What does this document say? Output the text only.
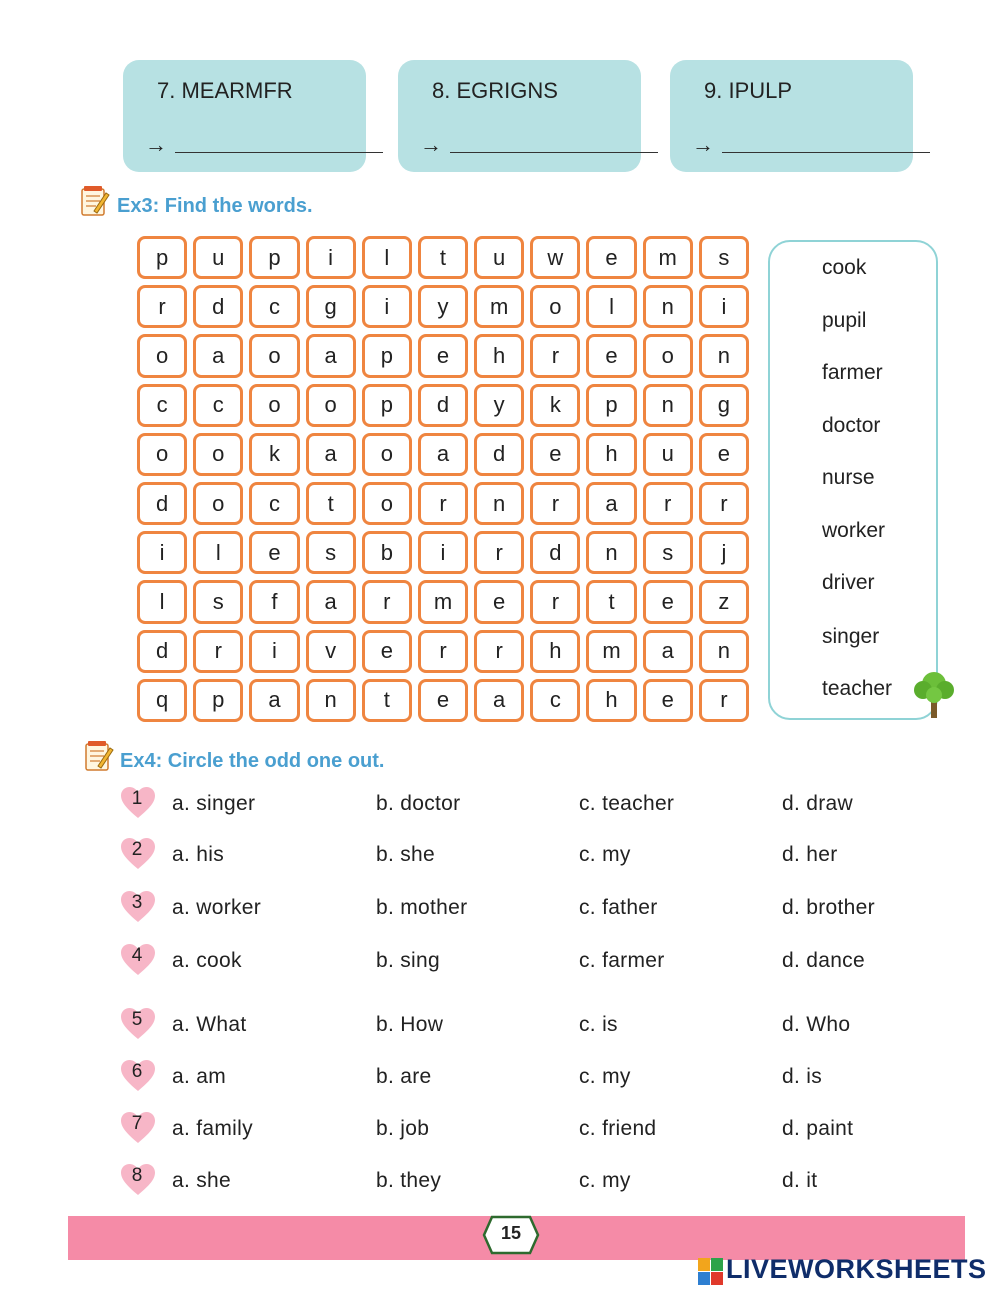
7. MEARMFR
→
8. EGRIGNS
→
9. IPULP
→
Ex3: Find the words.
p	u	p	i	l	t	u	w	e	m	s
r	d	c	g	i	y	m	o	l	n	i
o	a	o	a	p	e	h	r	e	o	n
c	c	o	o	p	d	y	k	p	n	g
o	o	k	a	o	a	d	e	h	u	e
d	o	c	t	o	r	n	r	a	r	r
i	l	e	s	b	i	r	d	n	s	j
l	s	f	a	r	m	e	r	t	e	z
d	r	i	v	e	r	r	h	m	a	n
q	p	a	n	t	e	a	c	h	e	r
cook
pupil
farmer
doctor
nurse
worker
driver
singer
teacher
Ex4: Circle the odd one out.
1	a. singer	b. doctor	c. teacher	d. draw
2	a. his	b. she	c. my	d. her
3	a. worker	b. mother	c. father	d. brother
4	a. cook	b. sing	c. farmer	d. dance
5	a. What	b. How	c. is	d. Who
6	a. am	b. are	c. my	d. is
7	a. family	b. job	c. friend	d. paint
8	a. she	b. they	c. my	d. it
15
LIVEWORKSHEETS
